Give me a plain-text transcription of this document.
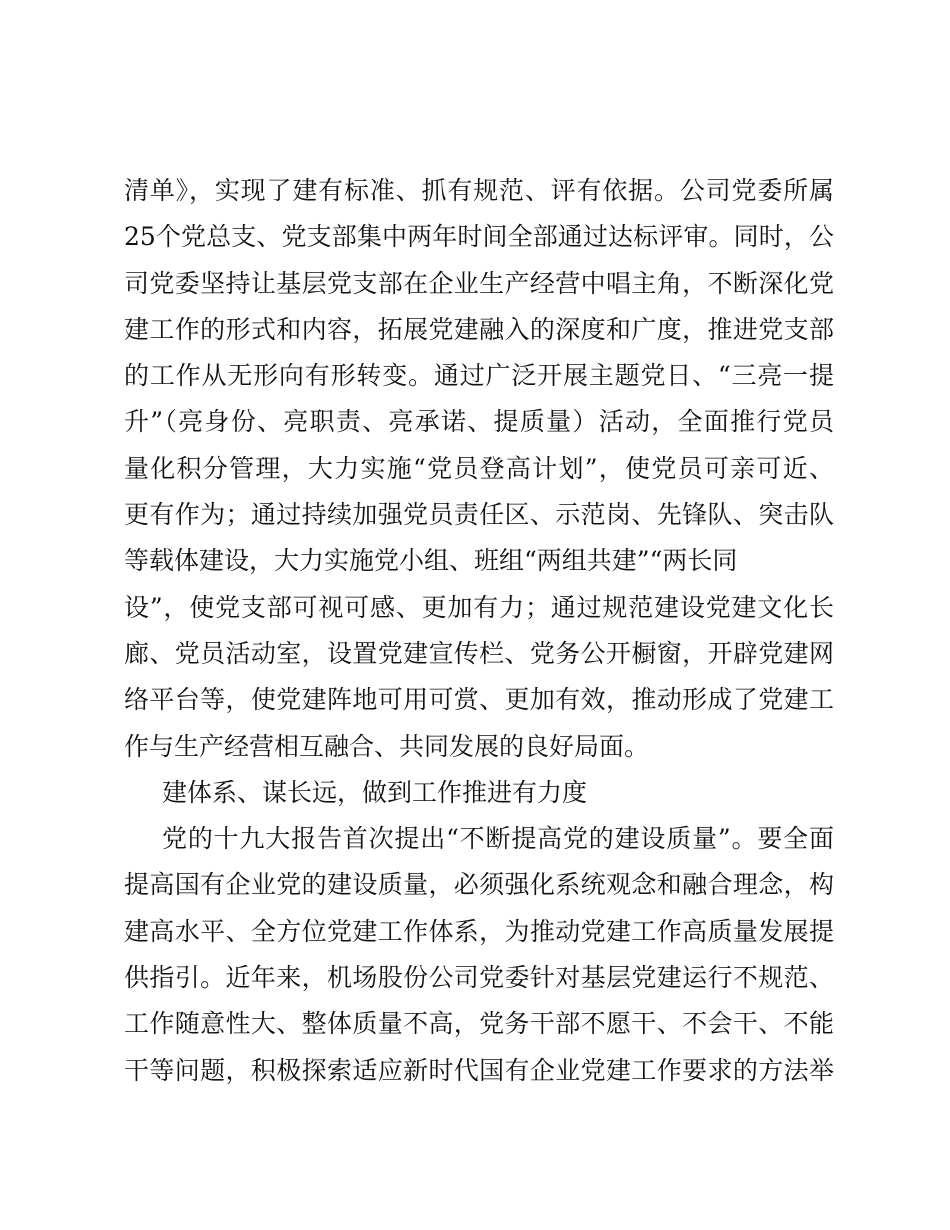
清单》，实现了建有标准、抓有规范、评有依据。公司党委所属
25个党总支、党支部集中两年时间全部通过达标评审。同时，公
司党委坚持让基层党支部在企业生产经营中唱主角，不断深化党
建工作的形式和内容，拓展党建融入的深度和广度，推进党支部
的工作从无形向有形转变。通过广泛开展主题党日、“三亮一提
升”（亮身份、亮职责、亮承诺、提质量）活动，全面推行党员
量化积分管理，大力实施“党员登高计划”，使党员可亲可近、
更有作为；通过持续加强党员责任区、示范岗、先锋队、突击队
等载体建设，大力实施党小组、班组“两组共建”“两长同
设”，使党支部可视可感、更加有力；通过规范建设党建文化长
廊、党员活动室，设置党建宣传栏、党务公开橱窗，开辟党建网
络平台等，使党建阵地可用可赏、更加有效，推动形成了党建工
作与生产经营相互融合、共同发展的良好局面。
建体系、谋长远，做到工作推进有力度
党的十九大报告首次提出“不断提高党的建设质量”。要全面
提高国有企业党的建设质量，必须强化系统观念和融合理念，构
建高水平、全方位党建工作体系，为推动党建工作高质量发展提
供指引。近年来，机场股份公司党委针对基层党建运行不规范、
工作随意性大、整体质量不高，党务干部不愿干、不会干、不能
干等问题，积极探索适应新时代国有企业党建工作要求的方法举
